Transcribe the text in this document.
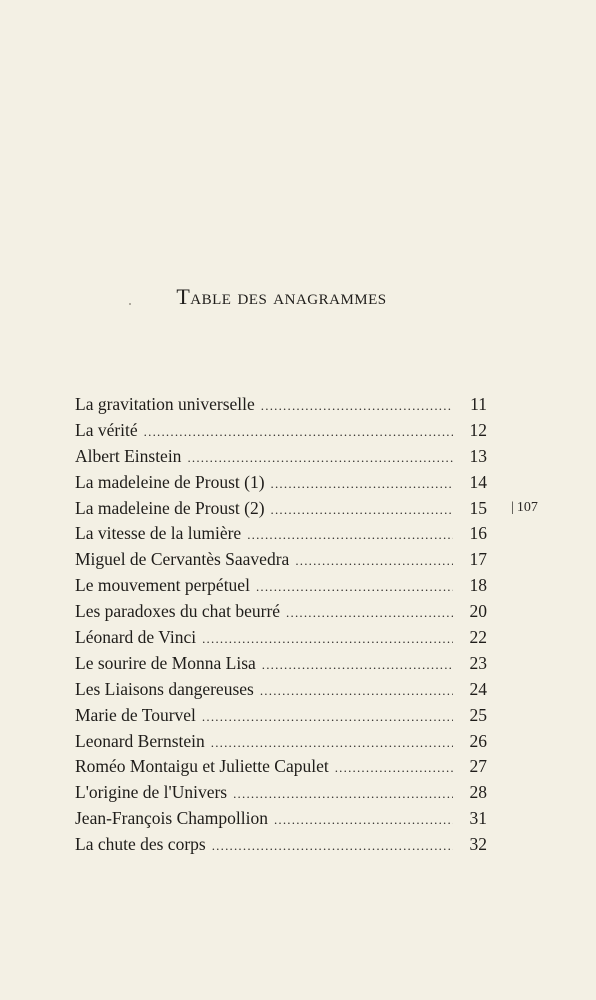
Table des anagrammes
La gravitation universelle .....	11
La vérité .....	12
Albert Einstein .....	13
La madeleine de Proust (1) .....	14
La madeleine de Proust (2) .....	15
La vitesse de la lumière .....	16
Miguel de Cervantès Saavedra .....	17
Le mouvement perpétuel .....	18
Les paradoxes du chat beurré .....	20
Léonard de Vinci .....	22
Le sourire de Monna Lisa .....	23
Les Liaisons dangereuses .....	24
Marie de Tourvel .....	25
Leonard Bernstein .....	26
Roméo Montaigu et Juliette Capulet .....	27
L'origine de l'Univers .....	28
Jean-François Champollion .....	31
La chute des corps .....	32
| 107
